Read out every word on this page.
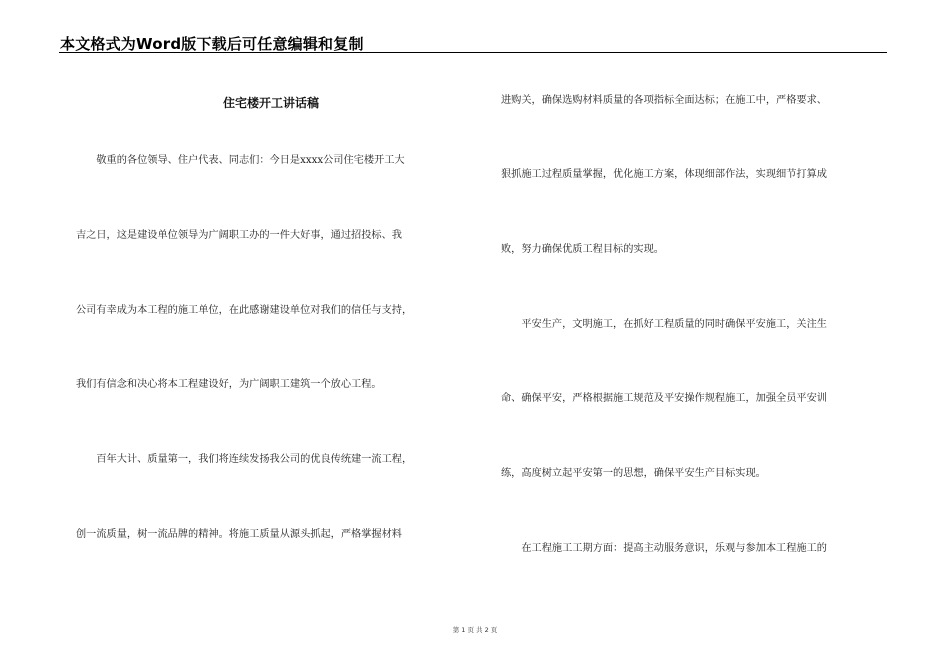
本文格式为Word版下载后可任意编辑和复制
住宅楼开工讲话稿
　　敬重的各位领导、住户代表、同志们：今日是xxxx公司住宅楼开工大
吉之日，这是建设单位领导为广阔职工办的一件大好事，通过招投标、我
公司有幸成为本工程的施工单位，在此感谢建设单位对我们的信任与支持，
我们有信念和决心将本工程建设好，为广阔职工建筑一个放心工程。
　　百年大计、质量第一，我们将连续发扬我公司的优良传统建一流工程，
创一流质量，树一流品牌的精神。将施工质量从源头抓起，严格掌握材料
进购关，确保选购材料质量的各项指标全面达标；在施工中，严格要求、
狠抓施工过程质量掌握，优化施工方案，体现细部作法，实现细节打算成
败，努力确保优质工程目标的实现。
　　平安生产，文明施工，在抓好工程质量的同时确保平安施工，关注生
命、确保平安，严格根据施工规范及平安操作规程施工，加强全员平安训
练，高度树立起平安第一的思想，确保平安生产目标实现。
　　在工程施工工期方面：提高主动服务意识，乐观与参加本工程施工的
第 1 页 共 2 页
